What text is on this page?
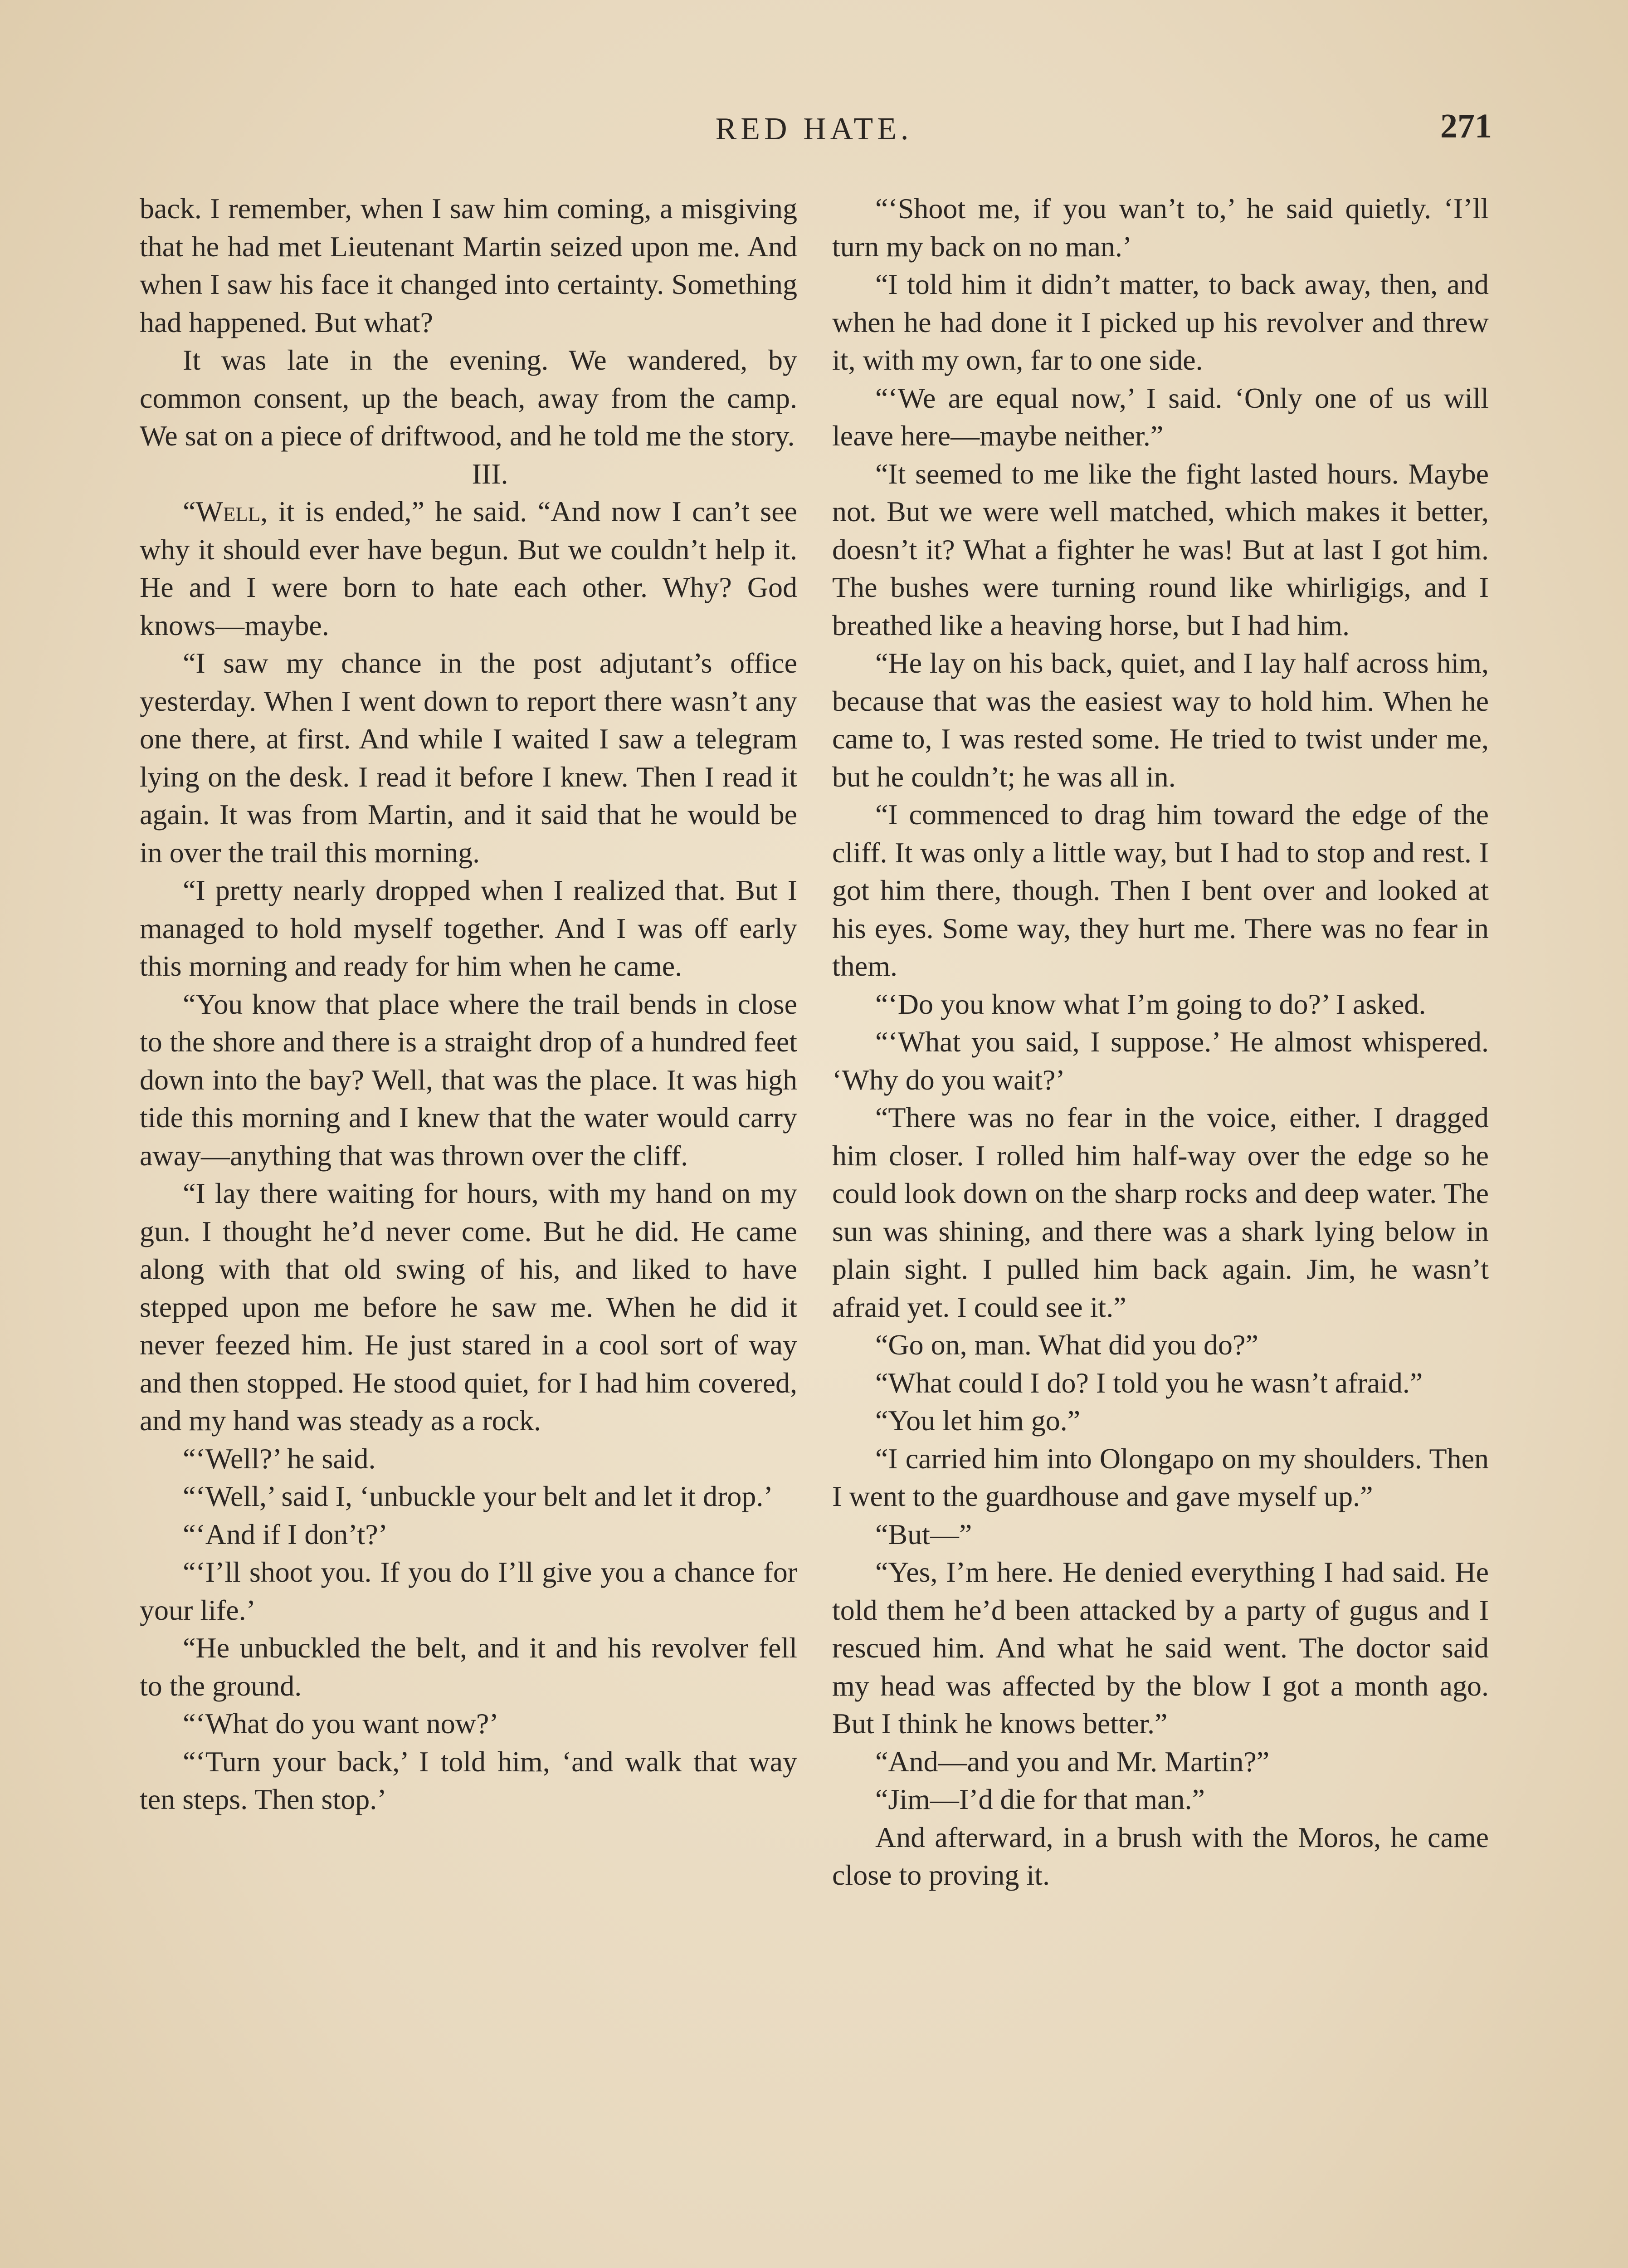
RED HATE.	271

back. I remember, when I saw him coming, a misgiving that he had met Lieutenant Martin seized upon me. And when I saw his face it changed into certainty. Something had happened. But what?

It was late in the evening. We wandered, by common consent, up the beach, away from the camp. We sat on a piece of driftwood, and he told me the story.

III.

“Well, it is ended,” he said. “And now I can’t see why it should ever have begun. But we couldn’t help it. He and I were born to hate each other. Why? God knows—maybe.

“I saw my chance in the post adjutant’s office yesterday. When I went down to report there wasn’t any one there, at first. And while I waited I saw a telegram lying on the desk. I read it before I knew. Then I read it again. It was from Martin, and it said that he would be in over the trail this morning.

“I pretty nearly dropped when I realized that. But I managed to hold myself together. And I was off early this morning and ready for him when he came.

“You know that place where the trail bends in close to the shore and there is a straight drop of a hundred feet down into the bay? Well, that was the place. It was high tide this morning and I knew that the water would carry away—anything that was thrown over the cliff.

“I lay there waiting for hours, with my hand on my gun. I thought he’d never come. But he did. He came along with that old swing of his, and liked to have stepped upon me before he saw me. When he did it never feezed him. He just stared in a cool sort of way and then stopped. He stood quiet, for I had him covered, and my hand was steady as a rock.

“‘Well?’ he said.

“‘Well,’ said I, ‘unbuckle your belt and let it drop.’

“‘And if I don’t?’

“‘I’ll shoot you. If you do I’ll give you a chance for your life.’

“He unbuckled the belt, and it and his revolver fell to the ground.

“‘What do you want now?’

“‘Turn your back,’ I told him, ‘and walk that way ten steps. Then stop.’

“‘Shoot me, if you wan’t to,’ he said quietly. ‘I’ll turn my back on no man.’

“I told him it didn’t matter, to back away, then, and when he had done it I picked up his revolver and threw it, with my own, far to one side.

“‘We are equal now,’ I said. ‘Only one of us will leave here—maybe neither.”

“It seemed to me like the fight lasted hours. Maybe not. But we were well matched, which makes it better, doesn’t it? What a fighter he was! But at last I got him. The bushes were turning round like whirligigs, and I breathed like a heaving horse, but I had him.

“He lay on his back, quiet, and I lay half across him, because that was the easiest way to hold him. When he came to, I was rested some. He tried to twist under me, but he couldn’t; he was all in.

“I commenced to drag him toward the edge of the cliff. It was only a little way, but I had to stop and rest. I got him there, though. Then I bent over and looked at his eyes. Some way, they hurt me. There was no fear in them.

“‘Do you know what I’m going to do?’ I asked.

“‘What you said, I suppose.’ He almost whispered. ‘Why do you wait?’

“There was no fear in the voice, either. I dragged him closer. I rolled him half-way over the edge so he could look down on the sharp rocks and deep water. The sun was shining, and there was a shark lying below in plain sight. I pulled him back again. Jim, he wasn’t afraid yet. I could see it.”

“Go on, man. What did you do?”

“What could I do? I told you he wasn’t afraid.”

“You let him go.”

“I carried him into Olongapo on my shoulders. Then I went to the guardhouse and gave myself up.”

“But—”

“Yes, I’m here. He denied everything I had said. He told them he’d been attacked by a party of gugus and I rescued him. And what he said went. The doctor said my head was affected by the blow I got a month ago. But I think he knows better.”

“And—and you and Mr. Martin?”

“Jim—I’d die for that man.”

And afterward, in a brush with the Moros, he came close to proving it.
